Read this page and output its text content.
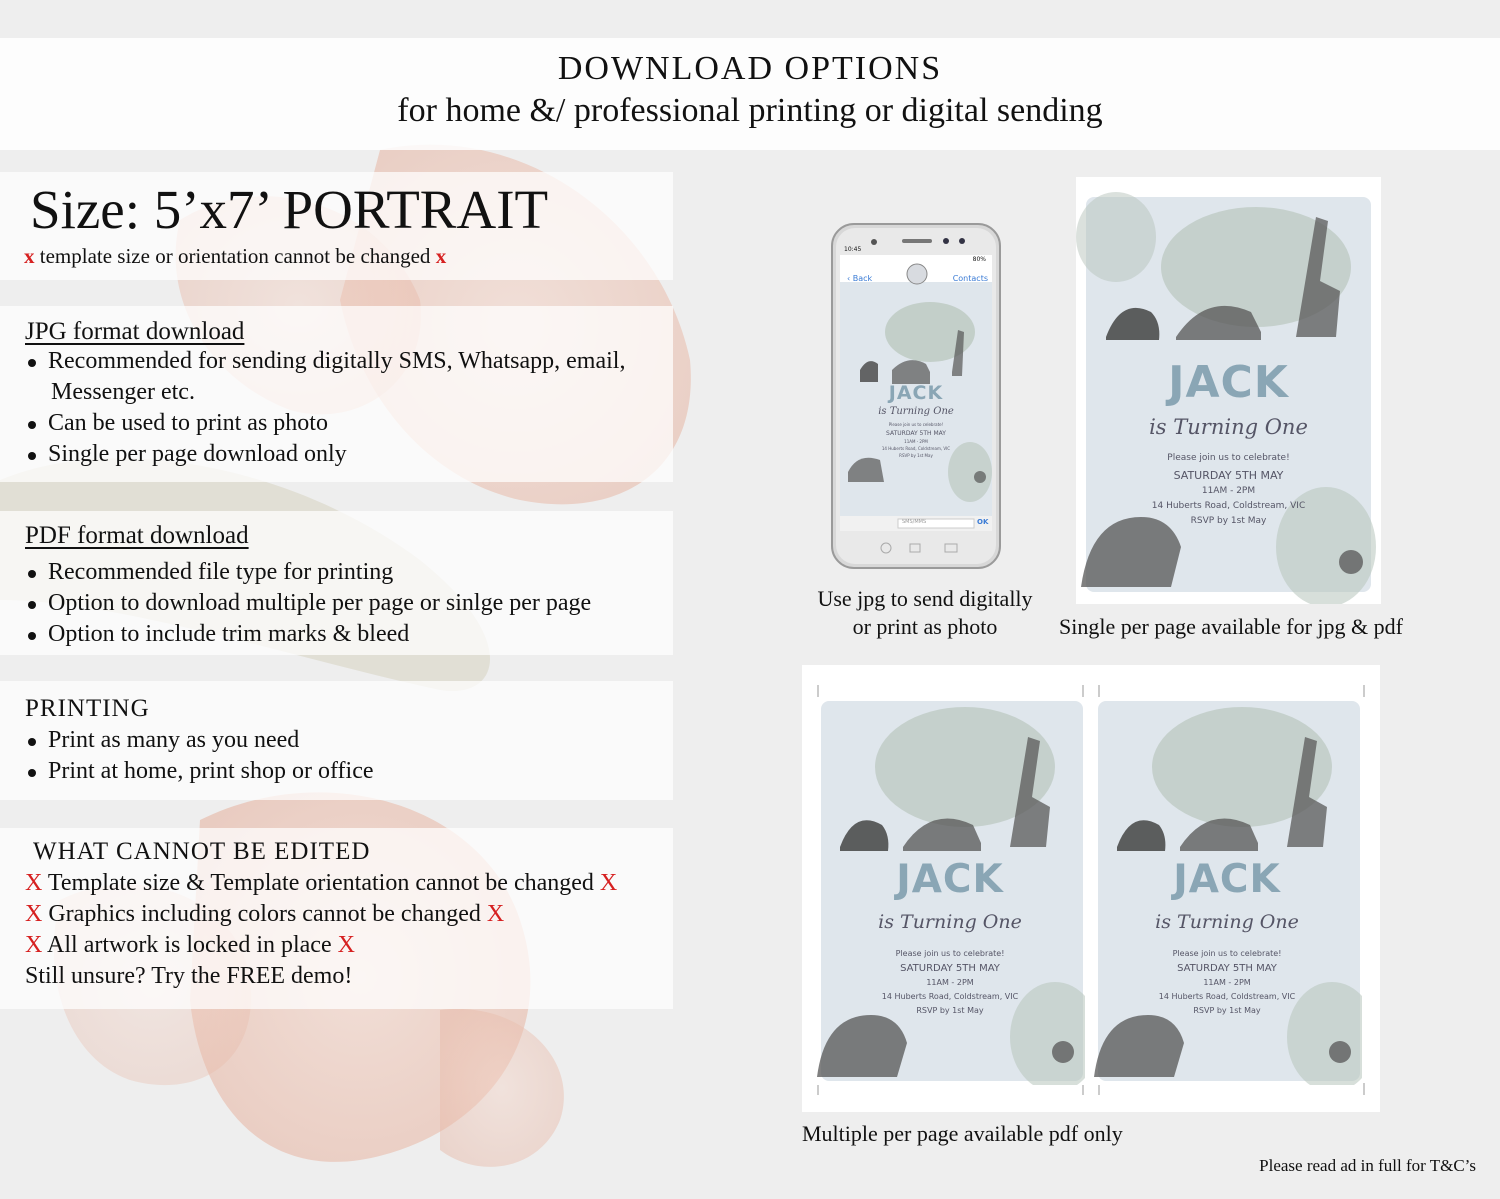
DOWNLOAD OPTIONS
for home &/ professional printing or digital sending
Size: 5’x7’ PORTRAIT
x template size or orientation cannot be changed x
JPG format download
Recommended for sending digitally SMS, Whatsapp, email,
Messenger etc.
Can be used to print as photo
Single per page download only
PDF format download
Recommended file type for printing
Option to download multiple per page or sinlge per page
Option to include trim marks & bleed
PRINTING
Print as many as you need
Print at home, print shop or office
WHAT CANNOT BE EDITED
X Template size & Template orientation cannot be changed X
X Graphics including colors cannot be changed X
X All artwork is locked in place X
Still unsure? Try the FREE demo!
10:45
80%
‹ Back	Contacts
JACK
is Turning One
Please join us to celebrate!
SATURDAY 5TH MAY
11AM - 2PM
14 Huberts Road, Coldstream, VIC
RSVP by 1st May
SMS/MMS	OK
Use jpg to send digitally
or print as photo
JACK
is Turning One
Please join us to celebrate!
SATURDAY 5TH MAY
11AM - 2PM
14 Huberts Road, Coldstream, VIC
RSVP by 1st May
Single per page available for jpg & pdf
JACK
is Turning One
Please join us to celebrate!
SATURDAY 5TH MAY
11AM - 2PM
14 Huberts Road, Coldstream, VIC
RSVP by 1st May
JACK
is Turning One
Please join us to celebrate!
SATURDAY 5TH MAY
11AM - 2PM
14 Huberts Road, Coldstream, VIC
RSVP by 1st May
Multiple per page available pdf only
Please read ad in full for T&C’s
